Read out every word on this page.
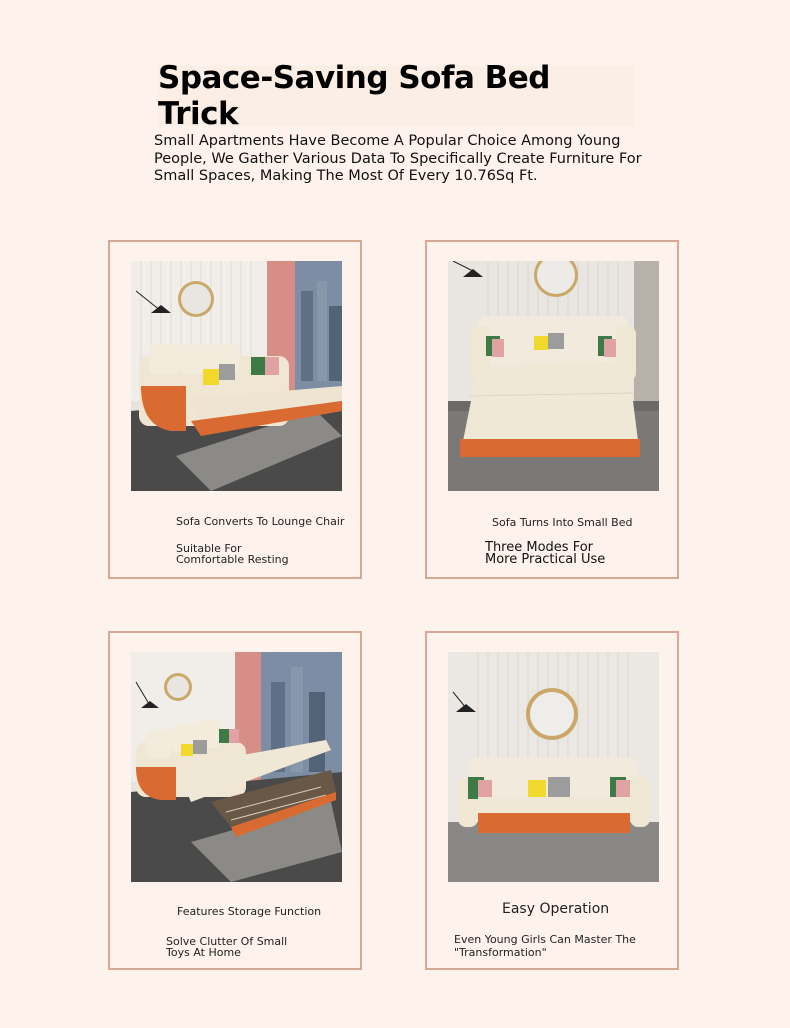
Space-Saving Sofa Bed Trick
Small Apartments Have Become A Popular Choice Among Young
People, We Gather Various Data To Specifically Create Furniture For
Small Spaces, Making The Most Of Every 10.76Sq Ft.
Sofa Converts To Lounge Chair
Suitable For
Comfortable Resting
Sofa Turns Into Small Bed
Three Modes For
More Practical Use
Features Storage Function
Solve Clutter Of Small
Toys At Home
Easy Operation
Even Young Girls Can Master The
"Transformation"
